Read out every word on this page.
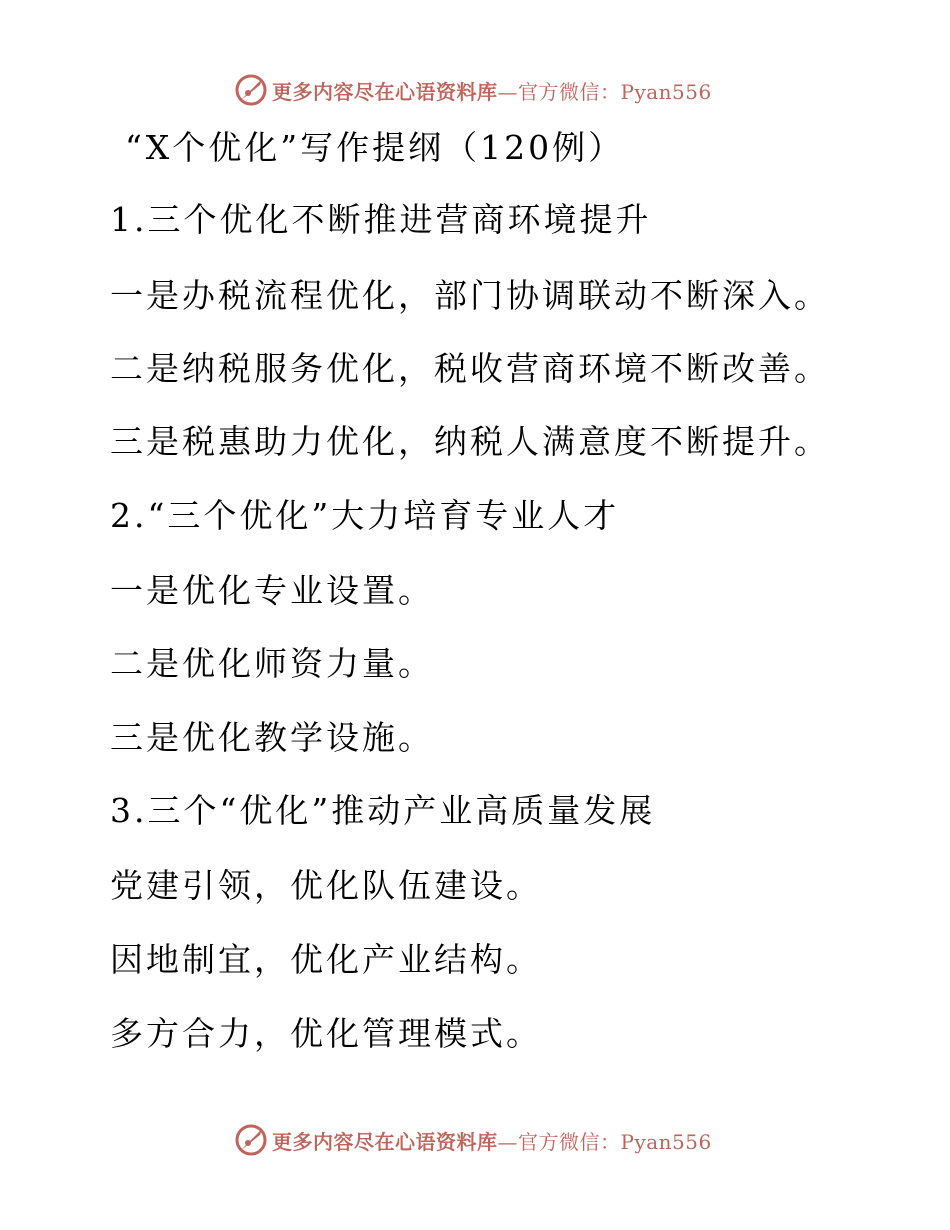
更多内容尽在心语资料库—官方微信：Pyan556
“X个优化”写作提纲（120例）
1.三个优化不断推进营商环境提升
一是办税流程优化，部门协调联动不断深入。
二是纳税服务优化，税收营商环境不断改善。
三是税惠助力优化，纳税人满意度不断提升。
2.“三个优化”大力培育专业人才
一是优化专业设置。
二是优化师资力量。
三是优化教学设施。
3.三个“优化”推动产业高质量发展
党建引领，优化队伍建设。
因地制宜，优化产业结构。
多方合力，优化管理模式。
更多内容尽在心语资料库—官方微信：Pyan556
